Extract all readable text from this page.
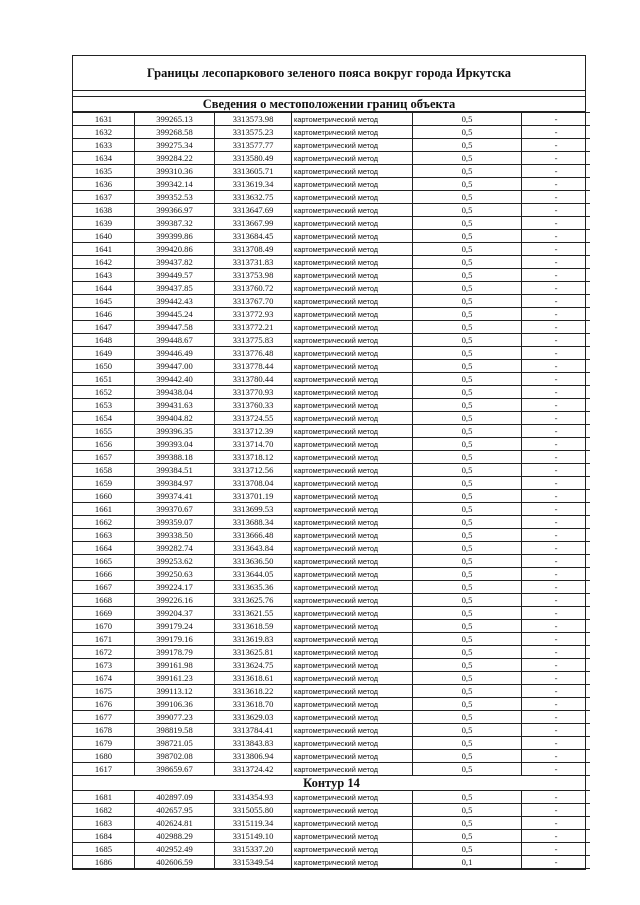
Границы лесопаркового зеленого пояса вокруг города Иркутска
Сведения о местоположении границ объекта
1631	399265.13	3313573.98	картометрический метод	0,5	-
1632	399268.58	3313575.23	картометрический метод	0,5	-
1633	399275.34	3313577.77	картометрический метод	0,5	-
1634	399284.22	3313580.49	картометрический метод	0,5	-
1635	399310.36	3313605.71	картометрический метод	0,5	-
1636	399342.14	3313619.34	картометрический метод	0,5	-
1637	399352.53	3313632.75	картометрический метод	0,5	-
1638	399366.97	3313647.69	картометрический метод	0,5	-
1639	399387.32	3313667.99	картометрический метод	0,5	-
1640	399399.86	3313684.45	картометрический метод	0,5	-
1641	399420.86	3313708.49	картометрический метод	0,5	-
1642	399437.82	3313731.83	картометрический метод	0,5	-
1643	399449.57	3313753.98	картометрический метод	0,5	-
1644	399437.85	3313760.72	картометрический метод	0,5	-
1645	399442.43	3313767.70	картометрический метод	0,5	-
1646	399445.24	3313772.93	картометрический метод	0,5	-
1647	399447.58	3313772.21	картометрический метод	0,5	-
1648	399448.67	3313775.83	картометрический метод	0,5	-
1649	399446.49	3313776.48	картометрический метод	0,5	-
1650	399447.00	3313778.44	картометрический метод	0,5	-
1651	399442.40	3313780.44	картометрический метод	0,5	-
1652	399438.04	3313770.93	картометрический метод	0,5	-
1653	399431.63	3313760.33	картометрический метод	0,5	-
1654	399404.82	3313724.55	картометрический метод	0,5	-
1655	399396.35	3313712.39	картометрический метод	0,5	-
1656	399393.04	3313714.70	картометрический метод	0,5	-
1657	399388.18	3313718.12	картометрический метод	0,5	-
1658	399384.51	3313712.56	картометрический метод	0,5	-
1659	399384.97	3313708.04	картометрический метод	0,5	-
1660	399374.41	3313701.19	картометрический метод	0,5	-
1661	399370.67	3313699.53	картометрический метод	0,5	-
1662	399359.07	3313688.34	картометрический метод	0,5	-
1663	399338.50	3313666.48	картометрический метод	0,5	-
1664	399282.74	3313643.84	картометрический метод	0,5	-
1665	399253.62	3313636.50	картометрический метод	0,5	-
1666	399250.63	3313644.05	картометрический метод	0,5	-
1667	399224.17	3313635.36	картометрический метод	0,5	-
1668	399226.16	3313625.76	картометрический метод	0,5	-
1669	399204.37	3313621.55	картометрический метод	0,5	-
1670	399179.24	3313618.59	картометрический метод	0,5	-
1671	399179.16	3313619.83	картометрический метод	0,5	-
1672	399178.79	3313625.81	картометрический метод	0,5	-
1673	399161.98	3313624.75	картометрический метод	0,5	-
1674	399161.23	3313618.61	картометрический метод	0,5	-
1675	399113.12	3313618.22	картометрический метод	0,5	-
1676	399106.36	3313618.70	картометрический метод	0,5	-
1677	399077.23	3313629.03	картометрический метод	0,5	-
1678	398819.58	3313784.41	картометрический метод	0,5	-
1679	398721.05	3313843.83	картометрический метод	0,5	-
1680	398702.08	3313806.94	картометрический метод	0,5	-
1617	398659.67	3313724.42	картометрический метод	0,5	-
Контур 14					
1681	402897.09	3314354.93	картометрический метод	0,5	-
1682	402657.95	3315055.80	картометрический метод	0,5	-
1683	402624.81	3315119.34	картометрический метод	0,5	-
1684	402988.29	3315149.10	картометрический метод	0,5	-
1685	402952.49	3315337.20	картометрический метод	0,5	-
1686	402606.59	3315349.54	картометрический метод	0,1	-
